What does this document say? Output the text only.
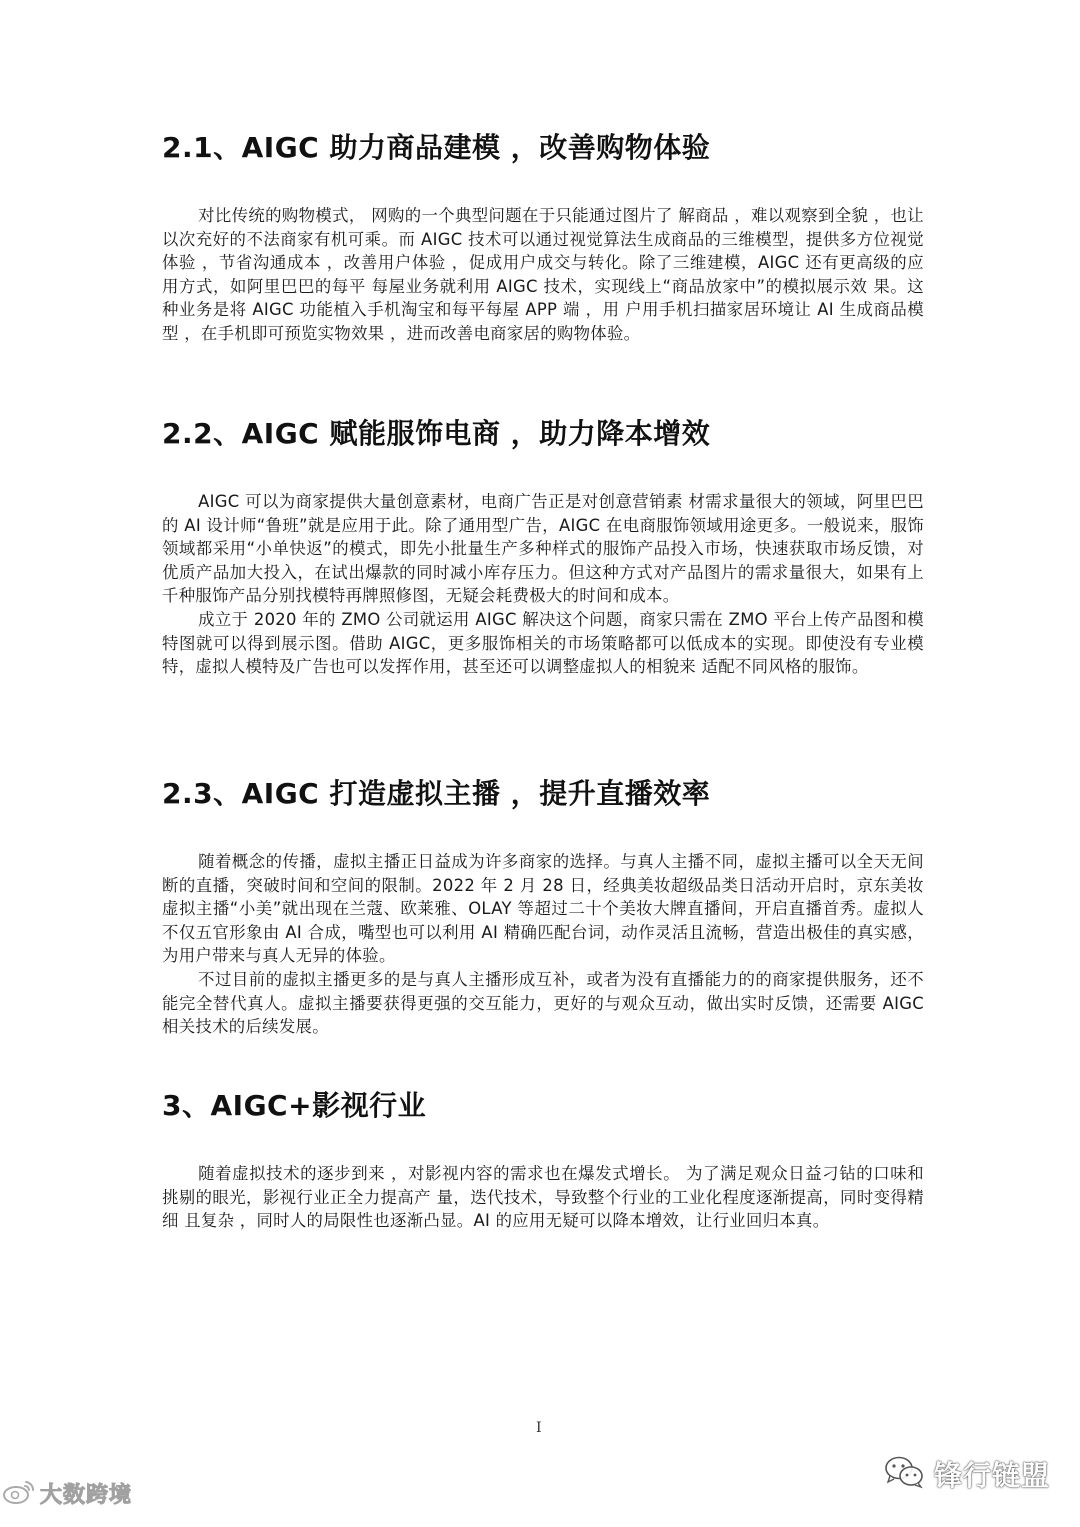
2.1、AIGC 助力商品建模 ，改善购物体验

对比传统的购物模式， 网购的一个典型问题在于只能通过图片了 解商品 ，难以观察到全貌 ，也让以次充好的不法商家有机可乘。而 AIGC 技术可以通过视觉算法生成商品的三维模型，提供多方位视觉 体验 ，节省沟通成本 ，改善用户体验 ，促成用户成交与转化。除了三维建模，AIGC 还有更高级的应用方式，如阿里巴巴的每平 每屋业务就利用 AIGC 技术，实现线上“商品放家中”的模拟展示效 果。这种业务是将 AIGC 功能植入手机淘宝和每平每屋 APP 端 ，用 户用手机扫描家居环境让 AI 生成商品模型 ，在手机即可预览实物效果 ，进而改善电商家居的购物体验。

2.2、AIGC 赋能服饰电商 ，助力降本增效

AIGC 可以为商家提供大量创意素材，电商广告正是对创意营销素 材需求量很大的领域，阿里巴巴的 AI 设计师“鲁班”就是应用于此。除了通用型广告，AIGC 在电商服饰领域用途更多。一般说来，服饰领域都采用“小单快返”的模式，即先小批量生产多种样式的服饰产品投入市场，快速获取市场反馈，对优质产品加大投入，在试出爆款的同时减小库存压力。但这种方式对产品图片的需求量很大，如果有上千种服饰产品分别找模特再牌照修图，无疑会耗费极大的时间和成本。

成立于 2020 年的 ZMO 公司就运用 AIGC 解决这个问题，商家只需在 ZMO 平台上传产品图和模特图就可以得到展示图。借助 AIGC，更多服饰相关的市场策略都可以低成本的实现。即使没有专业模特，虚拟人模特及广告也可以发挥作用，甚至还可以调整虚拟人的相貌来 适配不同风格的服饰。

2.3、AIGC 打造虚拟主播 ，提升直播效率

随着概念的传播，虚拟主播正日益成为许多商家的选择。与真人主播不同，虚拟主播可以全天无间断的直播，突破时间和空间的限制。2022 年 2 月 28 日，经典美妆超级品类日活动开启时，京东美妆虚拟主播“小美”就出现在兰蔻、欧莱雅、OLAY 等超过二十个美妆大牌直播间，开启直播首秀。虚拟人不仅五官形象由 AI 合成，嘴型也可以利用 AI 精确匹配台词，动作灵活且流畅，营造出极佳的真实感，为用户带来与真人无异的体验。

不过目前的虚拟主播更多的是与真人主播形成互补，或者为没有直播能力的的商家提供服务，还不能完全替代真人。虚拟主播要获得更强的交互能力，更好的与观众互动，做出实时反馈，还需要 AIGC 相关技术的后续发展。

3、AIGC+影视行业

随着虚拟技术的逐步到来 ，对影视内容的需求也在爆发式增长。 为了满足观众日益刁钻的口味和挑剔的眼光，影视行业正全力提高产 量，迭代技术，导致整个行业的工业化程度逐渐提高，同时变得精细 且复杂 ，同时人的局限性也逐渐凸显。AI 的应用无疑可以降本增效，让行业回归本真。

I
大数跨境
锋行链盟
